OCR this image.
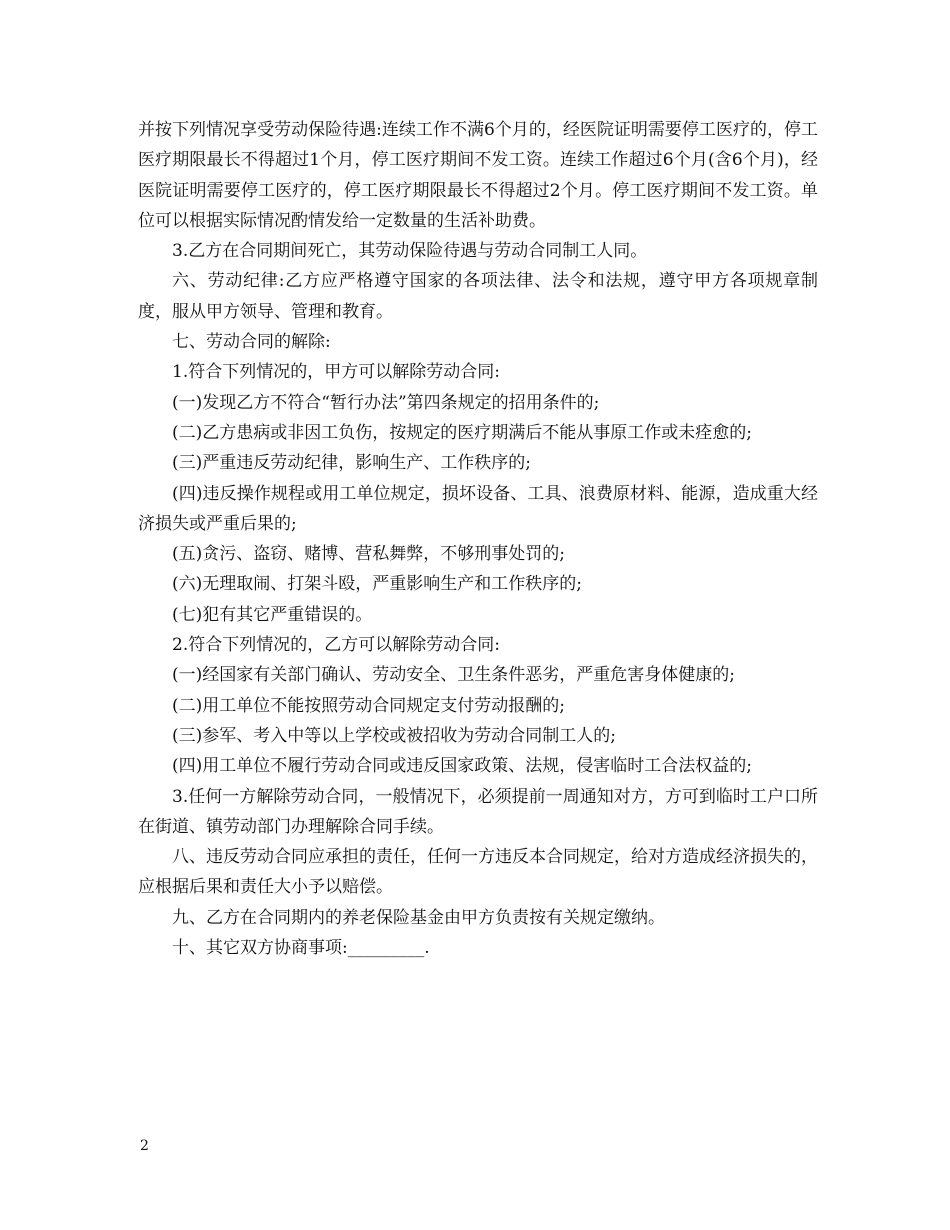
并按下列情况享受劳动保险待遇:连续工作不满6个月的，经医院证明需要停工医疗的，停工医疗期限最长不得超过1个月，停工医疗期间不发工资。连续工作超过6个月(含6个月)，经医院证明需要停工医疗的，停工医疗期限最长不得超过2个月。停工医疗期间不发工资。单位可以根据实际情况酌情发给一定数量的生活补助费。

3.乙方在合同期间死亡，其劳动保险待遇与劳动合同制工人同。

六、劳动纪律:乙方应严格遵守国家的各项法律、法令和法规，遵守甲方各项规章制度，服从甲方领导、管理和教育。

七、劳动合同的解除:

1.符合下列情况的，甲方可以解除劳动合同:

(一)发现乙方不符合“暂行办法”第四条规定的招用条件的;

(二)乙方患病或非因工负伤，按规定的医疗期满后不能从事原工作或未痊愈的;

(三)严重违反劳动纪律，影响生产、工作秩序的;

(四)违反操作规程或用工单位规定，损坏设备、工具、浪费原材料、能源，造成重大经济损失或严重后果的;

(五)贪污、盗窃、赌博、营私舞弊，不够刑事处罚的;

(六)无理取闹、打架斗殴，严重影响生产和工作秩序的;

(七)犯有其它严重错误的。

2.符合下列情况的，乙方可以解除劳动合同:

(一)经国家有关部门确认、劳动安全、卫生条件恶劣，严重危害身体健康的;

(二)用工单位不能按照劳动合同规定支付劳动报酬的;

(三)参军、考入中等以上学校或被招收为劳动合同制工人的;

(四)用工单位不履行劳动合同或违反国家政策、法规，侵害临时工合法权益的;

3.任何一方解除劳动合同，一般情况下，必须提前一周通知对方，方可到临时工户口所在街道、镇劳动部门办理解除合同手续。

八、违反劳动合同应承担的责任，任何一方违反本合同规定，给对方造成经济损失的，应根据后果和责任大小予以赔偿。

九、乙方在合同期内的养老保险基金由甲方负责按有关规定缴纳。

十、其它双方协商事项:_________.

2
